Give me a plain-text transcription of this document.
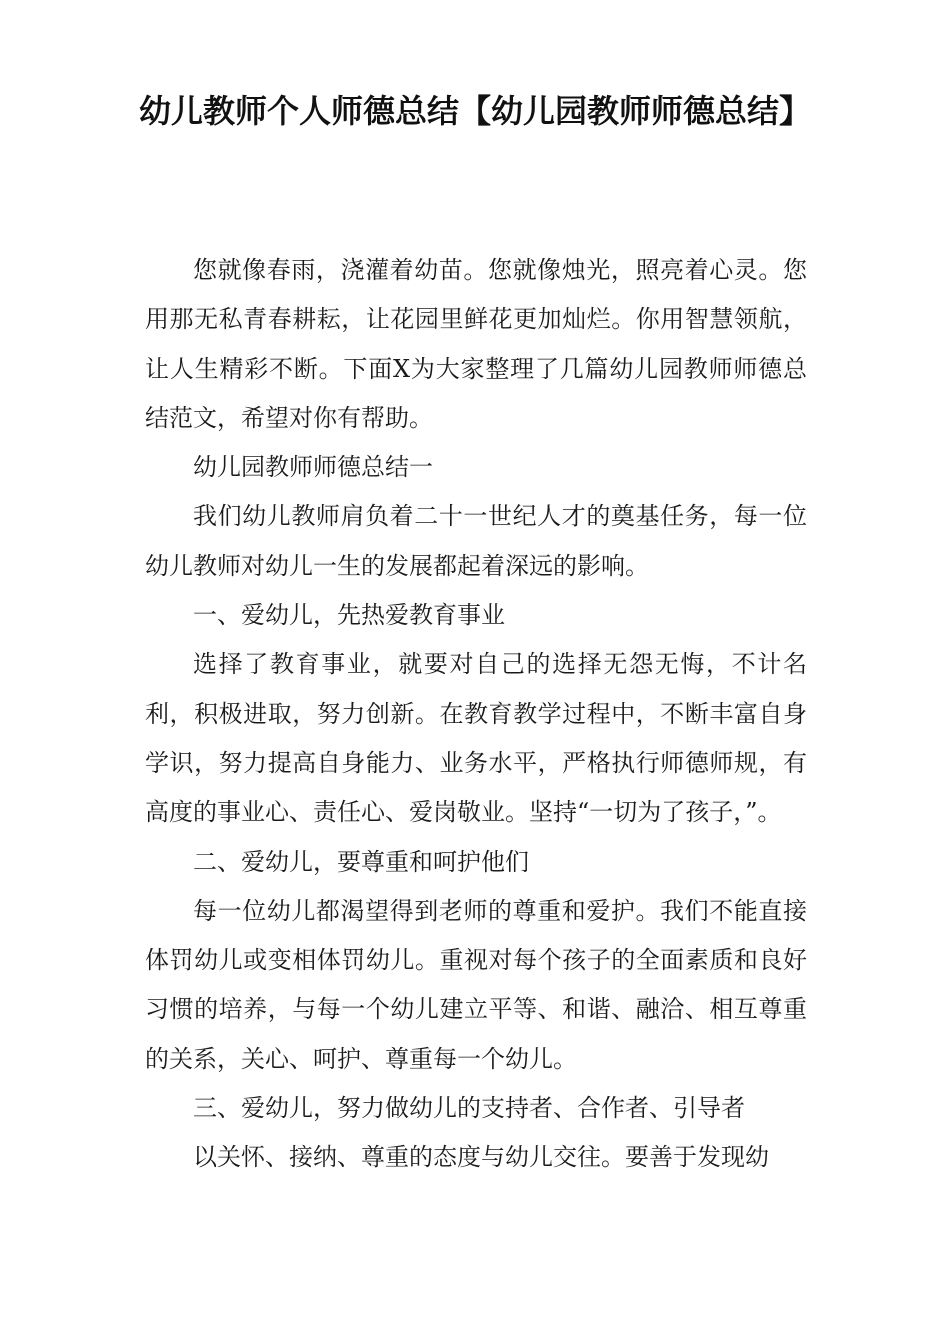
幼儿教师个人师德总结【幼儿园教师师德总结】

您就像春雨，浇灌着幼苗。您就像烛光，照亮着心灵。您用那无私青春耕耘，让花园里鲜花更加灿烂。你用智慧领航，让人生精彩不断。下面X为大家整理了几篇幼儿园教师师德总结范文，希望对你有帮助。

幼儿园教师师德总结一

我们幼儿教师肩负着二十一世纪人才的奠基任务，每一位幼儿教师对幼儿一生的发展都起着深远的影响。

一、爱幼儿，先热爱教育事业

选择了教育事业，就要对自己的选择无怨无悔，不计名利，积极进取，努力创新。在教育教学过程中，不断丰富自身学识，努力提高自身能力、业务水平，严格执行师德师规，有高度的事业心、责任心、爱岗敬业。坚持“一切为了孩子，”。

二、爱幼儿，要尊重和呵护他们

每一位幼儿都渴望得到老师的尊重和爱护。我们不能直接体罚幼儿或变相体罚幼儿。重视对每个孩子的全面素质和良好习惯的培养，与每一个幼儿建立平等、和谐、融洽、相互尊重的关系，关心、呵护、尊重每一个幼儿。

三、爱幼儿，努力做幼儿的支持者、合作者、引导者

以关怀、接纳、尊重的态度与幼儿交往。要善于发现幼
